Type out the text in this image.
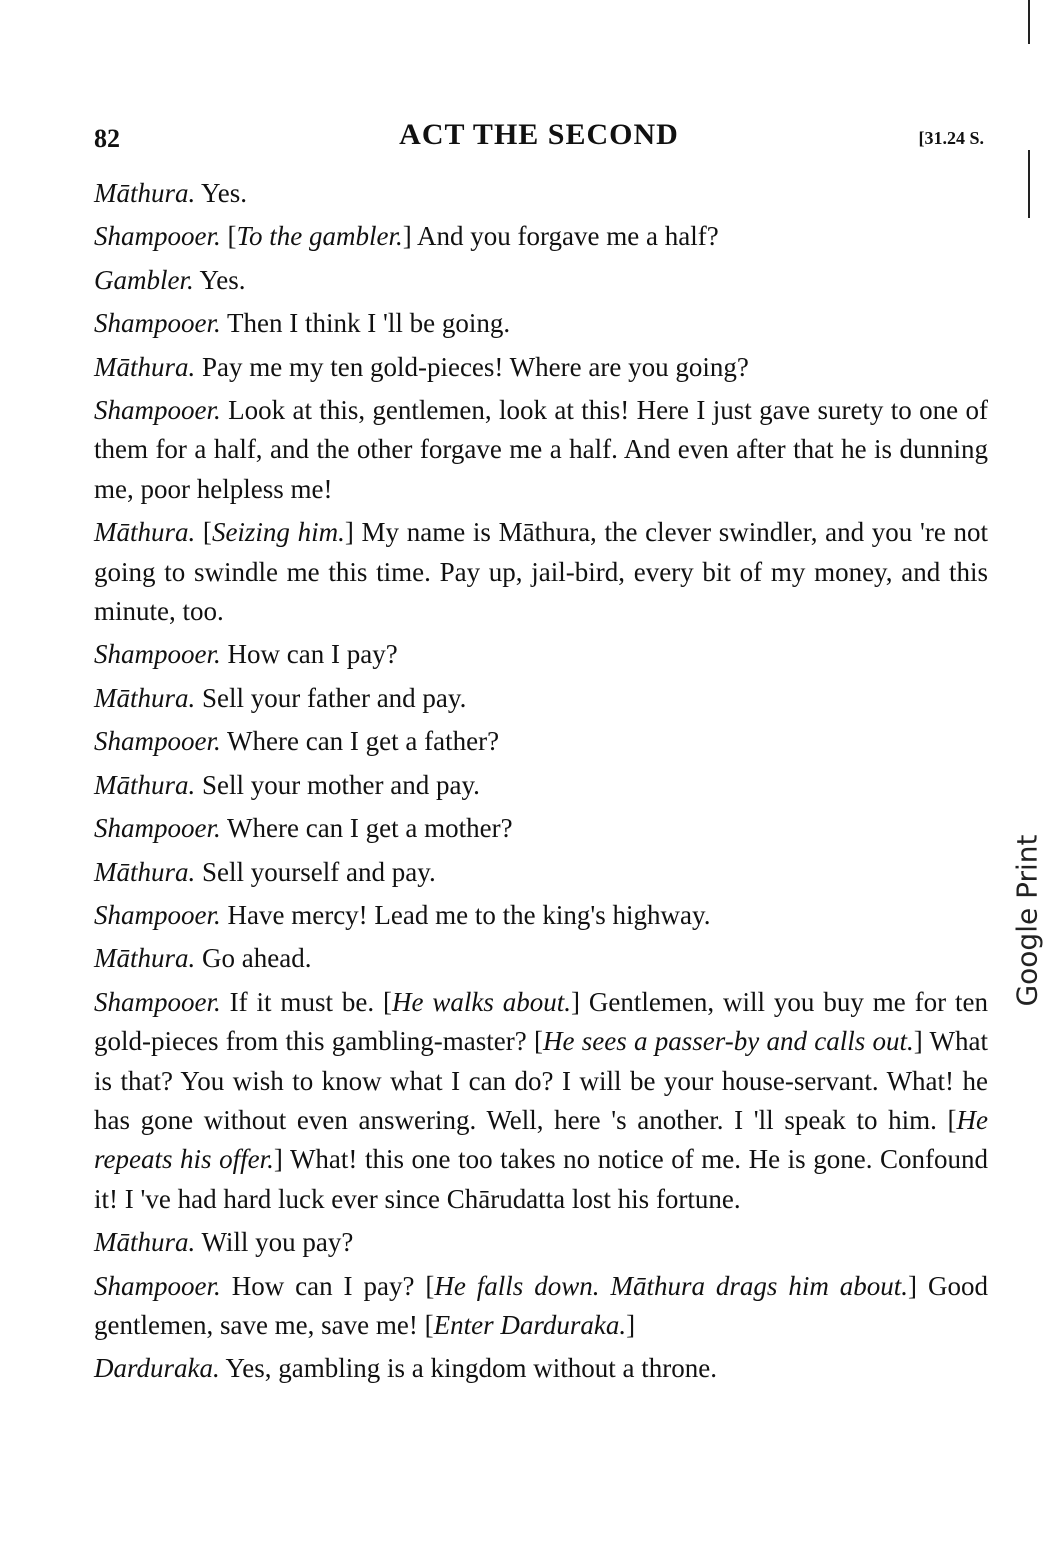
82	ACT THE SECOND	[31.24 S.

Māthura. Yes.

Shampooer. [To the gambler.] And you forgave me a half?

Gambler. Yes.

Shampooer. Then I think I 'll be going.

Māthura. Pay me my ten gold-pieces! Where are you going?

Shampooer. Look at this, gentlemen, look at this! Here I just gave surety to one of them for a half, and the other forgave me a half. And even after that he is dunning me, poor helpless me!

Māthura. [Seizing him.] My name is Māthura, the clever swindler, and you 're not going to swindle me this time. Pay up, jail-bird, every bit of my money, and this minute, too.

Shampooer. How can I pay?

Māthura. Sell your father and pay.

Shampooer. Where can I get a father?

Māthura. Sell your mother and pay.

Shampooer. Where can I get a mother?

Māthura. Sell yourself and pay.

Shampooer. Have mercy! Lead me to the king's highway.

Māthura. Go ahead.

Shampooer. If it must be. [He walks about.] Gentlemen, will you buy me for ten gold-pieces from this gambling-master? [He sees a passer-by and calls out.] What is that? You wish to know what I can do? I will be your house-servant. What! he has gone without even answering. Well, here 's another. I 'll speak to him. [He repeats his offer.] What! this one too takes no notice of me. He is gone. Confound it! I 've had hard luck ever since Chārudatta lost his fortune.

Māthura. Will you pay?

Shampooer. How can I pay? [He falls down. Māthura drags him about.] Good gentlemen, save me, save me! [Enter Darduraka.]

Darduraka. Yes, gambling is a kingdom without a throne.

Google Print
